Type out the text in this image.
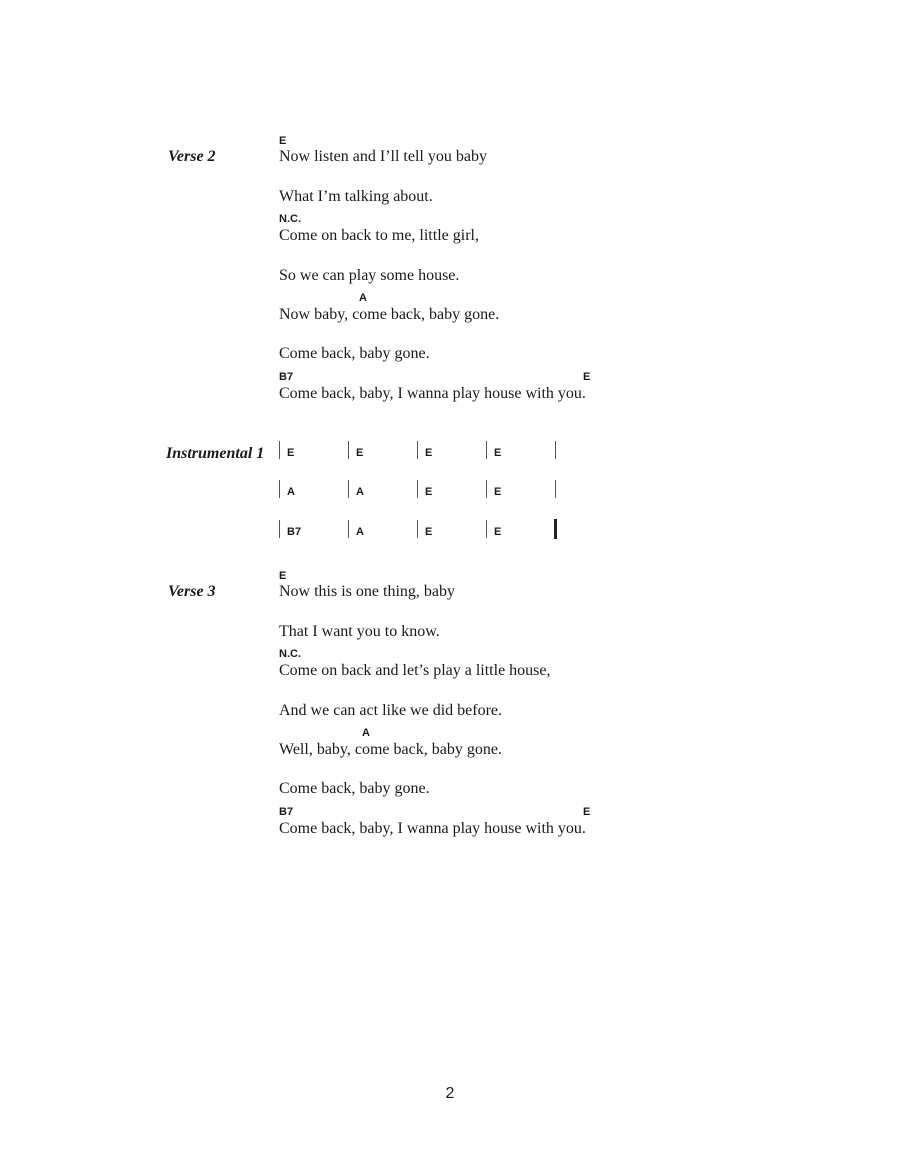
Verse 2
E
Now listen and I’ll tell you baby
What I’m talking about.
N.C.
Come on back to me, little girl,
So we can play some house.
A
Now baby, come back, baby gone.
Come back, baby gone.
B7	E
Come back, baby, I wanna play house with you.
Instrumental 1 E	E	E	E
A	A	E	E
B7	A	E	E
Verse 3
E
Now this is one thing, baby
That I want you to know.
N.C.
Come on back and let’s play a little house,
And we can act like we did before.
A
Well, baby, come back, baby gone.
Come back, baby gone.
B7	E
Come back, baby, I wanna play house with you.
2
